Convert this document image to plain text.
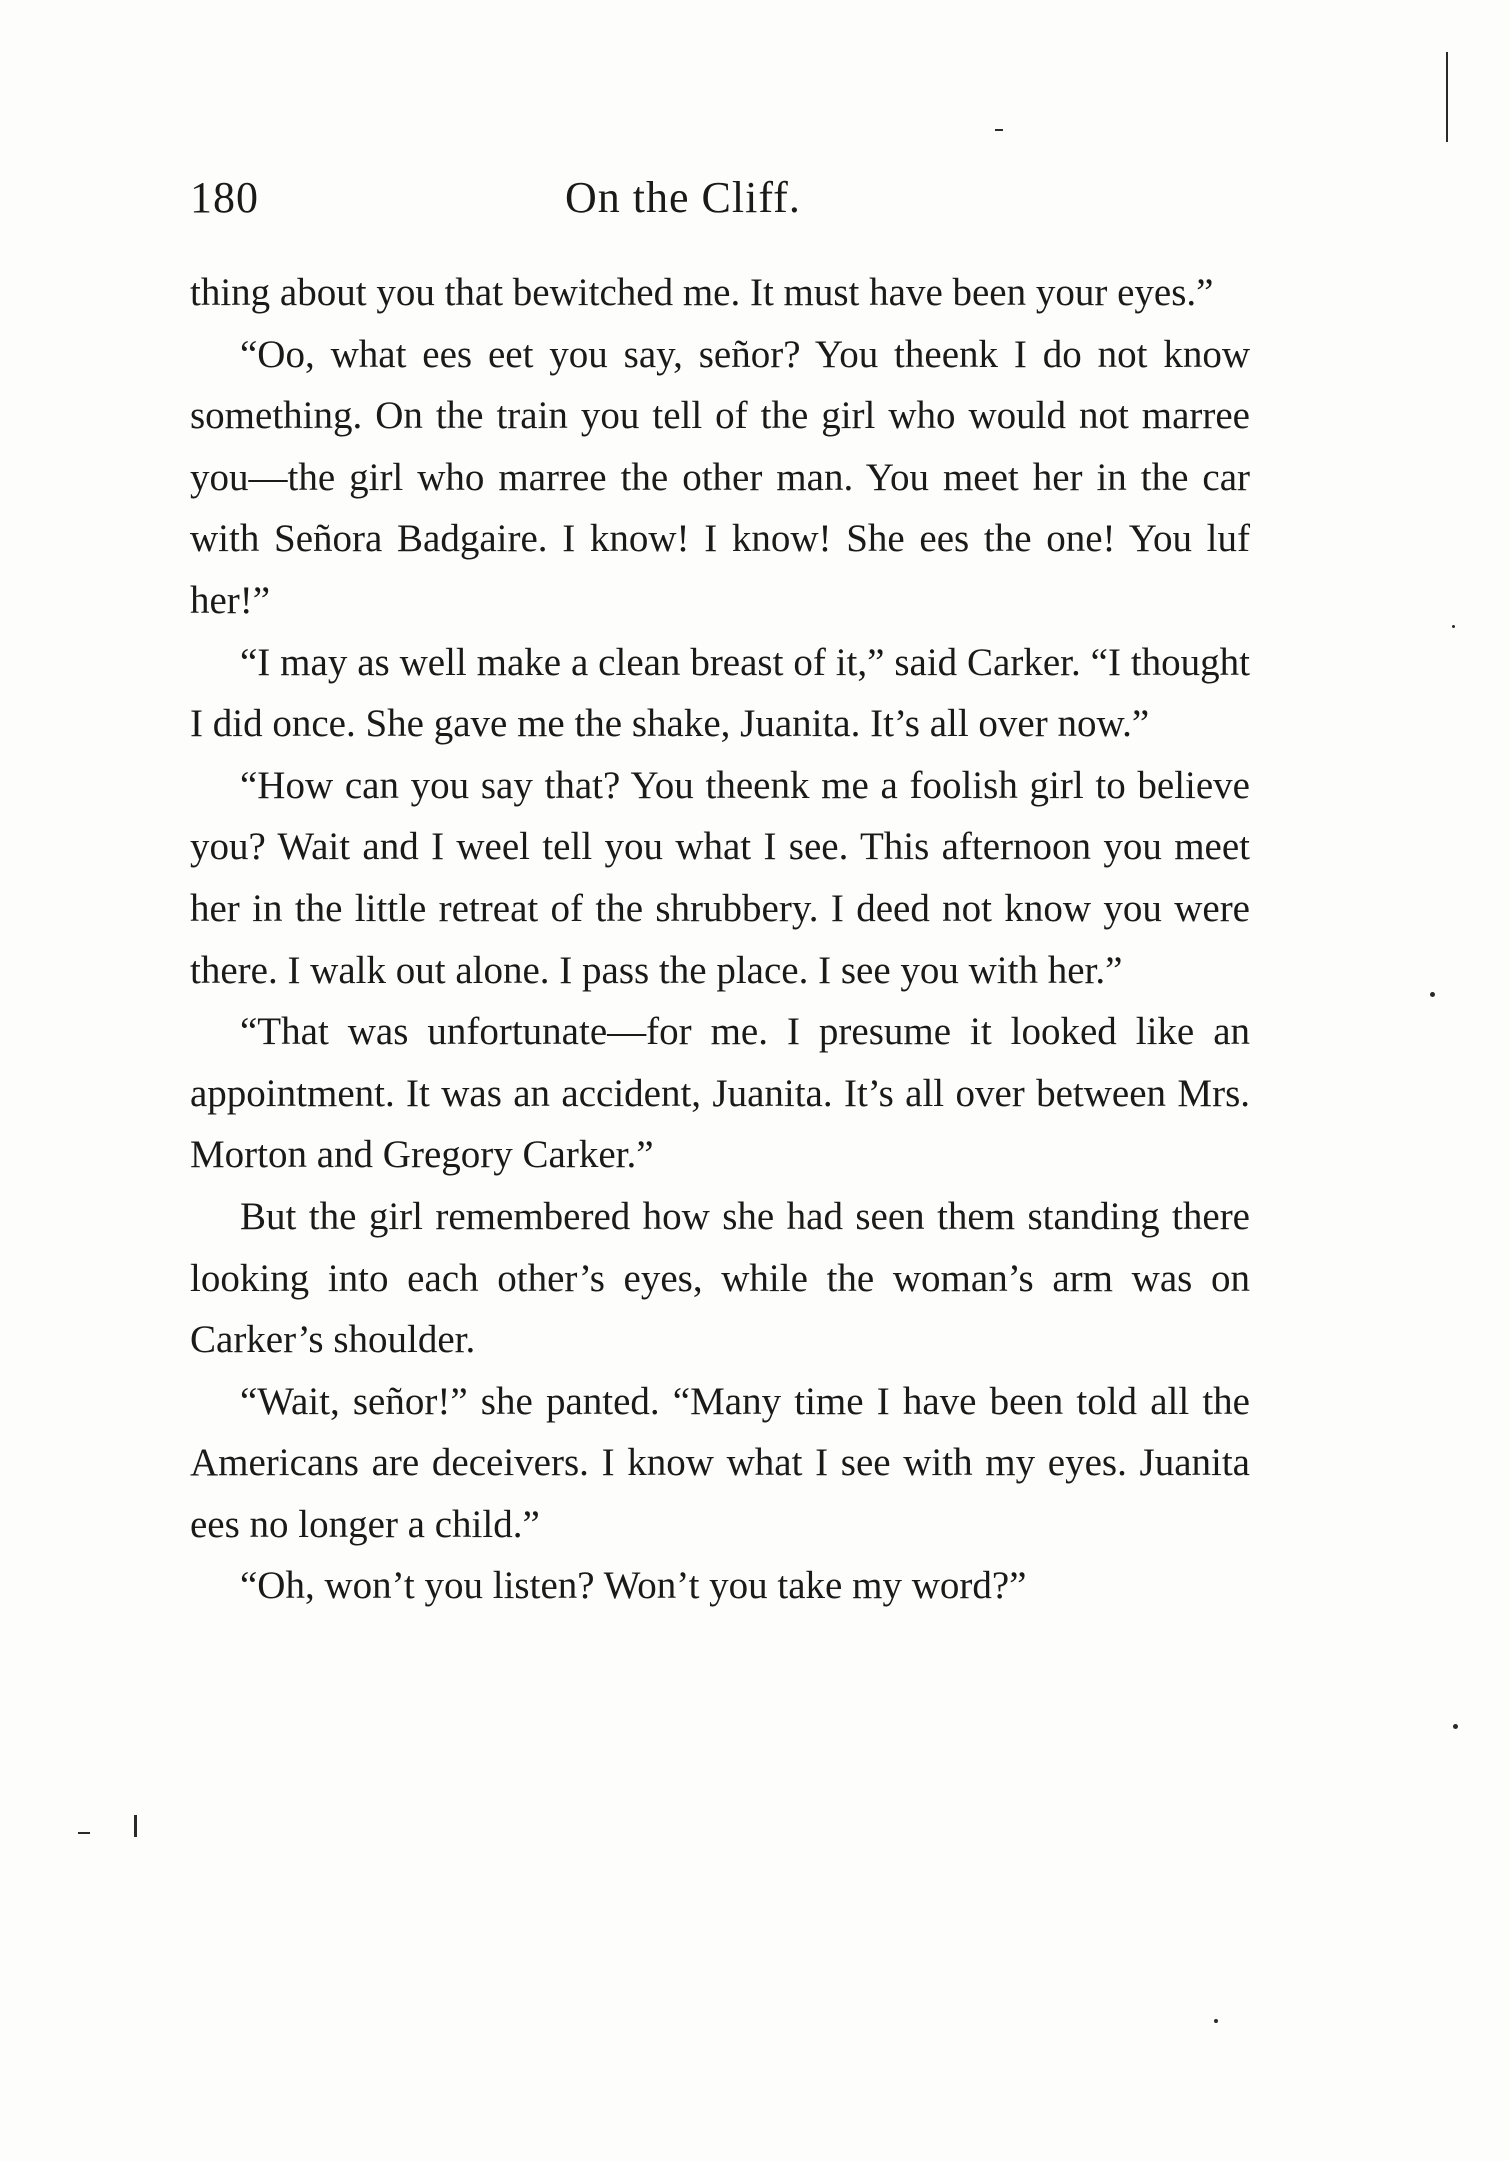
180	On the Cliff.

thing about you that bewitched me. It must have been your eyes.”

“Oo, what ees eet you say, señor? You theenk I do not know something. On the train you tell of the girl who would not marree you—the girl who marree the other man. You meet her in the car with Señora Badgaire. I know! I know! She ees the one! You luf her!”

“I may as well make a clean breast of it,” said Carker. “I thought I did once. She gave me the shake, Juanita. It’s all over now.”

“How can you say that? You theenk me a foolish girl to believe you? Wait and I weel tell you what I see. This afternoon you meet her in the little retreat of the shrubbery. I deed not know you were there. I walk out alone. I pass the place. I see you with her.”

“That was unfortunate—for me. I presume it looked like an appointment. It was an accident, Juanita. It’s all over between Mrs. Morton and Gregory Carker.”

But the girl remembered how she had seen them standing there looking into each other’s eyes, while the woman’s arm was on Carker’s shoulder.

“Wait, señor!” she panted. “Many time I have been told all the Americans are deceivers. I know what I see with my eyes. Juanita ees no longer a child.”

“Oh, won’t you listen? Won’t you take my word?”
